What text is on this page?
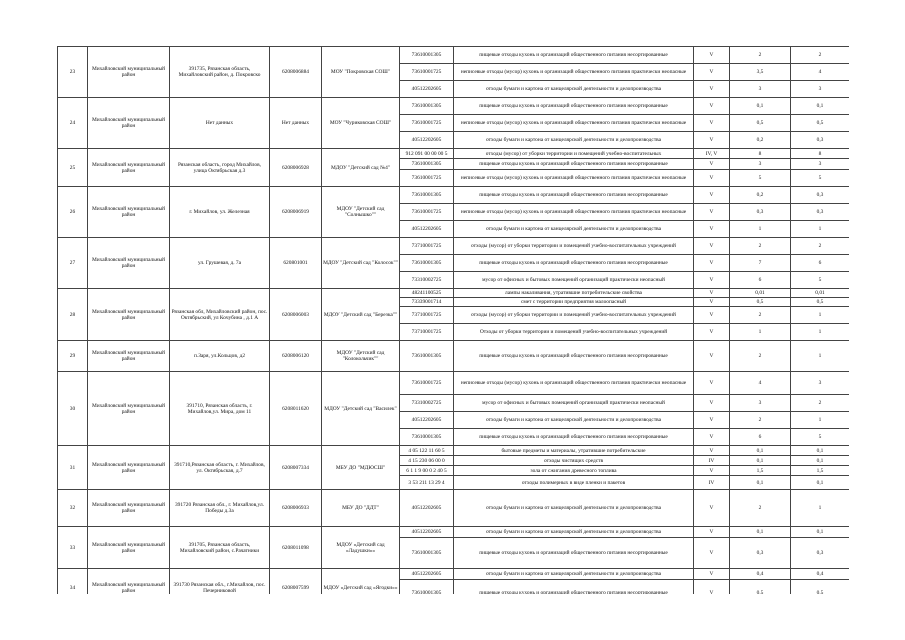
23	Михайловский муниципальный район	391735, Рязанская область, Михайловский район, д. Покровско	6208006884	МОУ "Покровская СОШ"	73610001305	пищевые отходы кухонь и организаций общественного питания несортированные	V	2	2
					73610001725	неписевые отходы (мусор) кухонь и организаций общественного питания практически неопасные	V	3,5	4
					40512202605	отходы бумаги и картона от канцелярской деятельности и делопроизводства	V	3	3
24	Михайловский муниципальный район	Нет данных	Нет данных	МОУ "Чуриковская СОШ"	73610001305	пищевые отходы кухонь и организаций общественного питания несортированные	V	0,1	0,1
					73610001725	неписевые отходы (мусор) кухонь и организаций общественного питания практически неопасные	V	0,5	0,5
					40512202605	отходы бумаги и картона от канцелярской деятельности и делопроизводства	V	0,2	0,3
25	Михайловский муниципальный район	Рязанская область, город Михайлов, улица Октябрьская д.3	6208006928	МДОУ "Детский сад №4"	912 091 00 00 00 5	отходы (мусор) от уборки территории и помещений учебно-воспитательных	IV, V	8	8
					73610001305	пищевые отходы кухонь и организаций общественного питания несортированные	V	3	3
					73610001725	неписевые отходы (мусор) кухонь и организаций общественного питания практически неопасные	V	5	5
26	Михайловский муниципальный район	г. Михайлов, ул. Железная	6208006919	МДОУ "Детский сад "Солнышко""	73610001305	пищевые отходы кухонь и организаций общественного питания несортированные	V	0,2	0,3
					73610001725	неписевые отходы (мусор) кухонь и организаций общественного питания практически неопасные	V	0,3	0,3
					40512202605	отходы бумаги и картона от канцелярской деятельности и делопроизводства	V	1	1
27	Михайловский муниципальный район	ул. Грушевая, д. 7а	620801001	МДОУ "Детский сад "Колосок""	73710001725	отходы (мусор) от уборки территории и помещений учебно-воспитательных учреждений	V	2	2
					73610001305	пищевые отходы кухонь и организаций общественного питания несортированные	V	7	6
					73310002725	мусор от офисных и бытовых помещений организаций практически неопасный	V	6	5
28	Михайловский муниципальный район	Рязанская обл, Михайловский район, пос. Октябрьский, ул Кочубина , д.1 А	6208006003	МДОУ "Детский сад "Березка""	48241100525	лампы накаливания, утратившие потребительские свойства	V	0,01	0,01
					73339001714	смет с территории предприятия малоопасный	V	0,5	0,5
					73710001725	отходы (мусор) от уборки территории и помещений учебно-воспитательных учреждений	V	2	1
					73710001725	Отходы от уборки территории и помещений учебно-воспитательных учреждений	V	1	1
29	Михайловский муниципальный район	п.Заря, ул.Кольцов, д2	6208006120	МДОУ "Детский сад "Колокольчик""	73610001305	пищевые отходы кухонь и организаций общественного питания несортированные	V	2	1
30	Михайловский муниципальный район	391710, Рязанская область, г. Михайлов,ул. Мира, дом 11	6208011620	МДОУ "Детский сад "Василек"	73610001725	неписевые отходы (мусор) кухонь и организаций общественного питания практически неопасные	V	4	3
					73310002725	мусор от офисных и бытовых помещений организаций практически неопасный	V	3	2
					40512202605	отходы бумаги и картона от канцелярской деятельности и делопроизводства	V	2	1
					73610001305	пищевые отходы кухонь и организаций общественного питания несортированные	V	6	5
31	Михайловский муниципальный район	391710,Рязанская область, г. Михайлов, ул. Октябрьская, д.7	6208007334	МБУ ДО "МДЮСШ"	4 05 122 11 60 5	бытовые предметы и материалы, утратившие потребительские	V	0,1	0,1
					4 15 230 06 00 0	отходы чистящих средств	IV	0,1	0,1
					6 1 1 9 00 0 2 40 5	зола от сжигания древесного топлива	V	1,5	1,5
					3 53 211 13 29 4	отходы полимерных в виде пленки и пакетов	IV	0,1	0,1
32	Михайловский муниципальный район	391720 Рязанская обл., г. Михайлов,ул. Победы д.3а	6208006933	МБУ ДО "ДДТ"	40512202605	отходы бумаги и картона от канцелярской деятельности и делопроизводства	V	2	1
33	Михайловский муниципальный район	391705, Рязанская область, Михайловский район, с.Рачатники	6208011098	МДОУ «Детский сад «Ладушки»»	40512202605	отходы бумаги и картона от канцелярской деятельности и делопроизводства	V	0,1	0,1
					73610001305	пищевые отходы кухонь и организаций общественного питания несортированные	V	0,3	0,3
34	Михайловский муниципальный район	391730 Рязанская обл., г.Михайлов, пос. Печерниковой	6208007599	МДОУ «Детский сад «Ягодки»»	40512202605	отходы бумаги и картона от канцелярской деятельности и делопроизводства	V	0,4	0,4
					73610001305	пищевые отходы кухонь и организаций общественного питания несортированные	V	0,5	0,5
